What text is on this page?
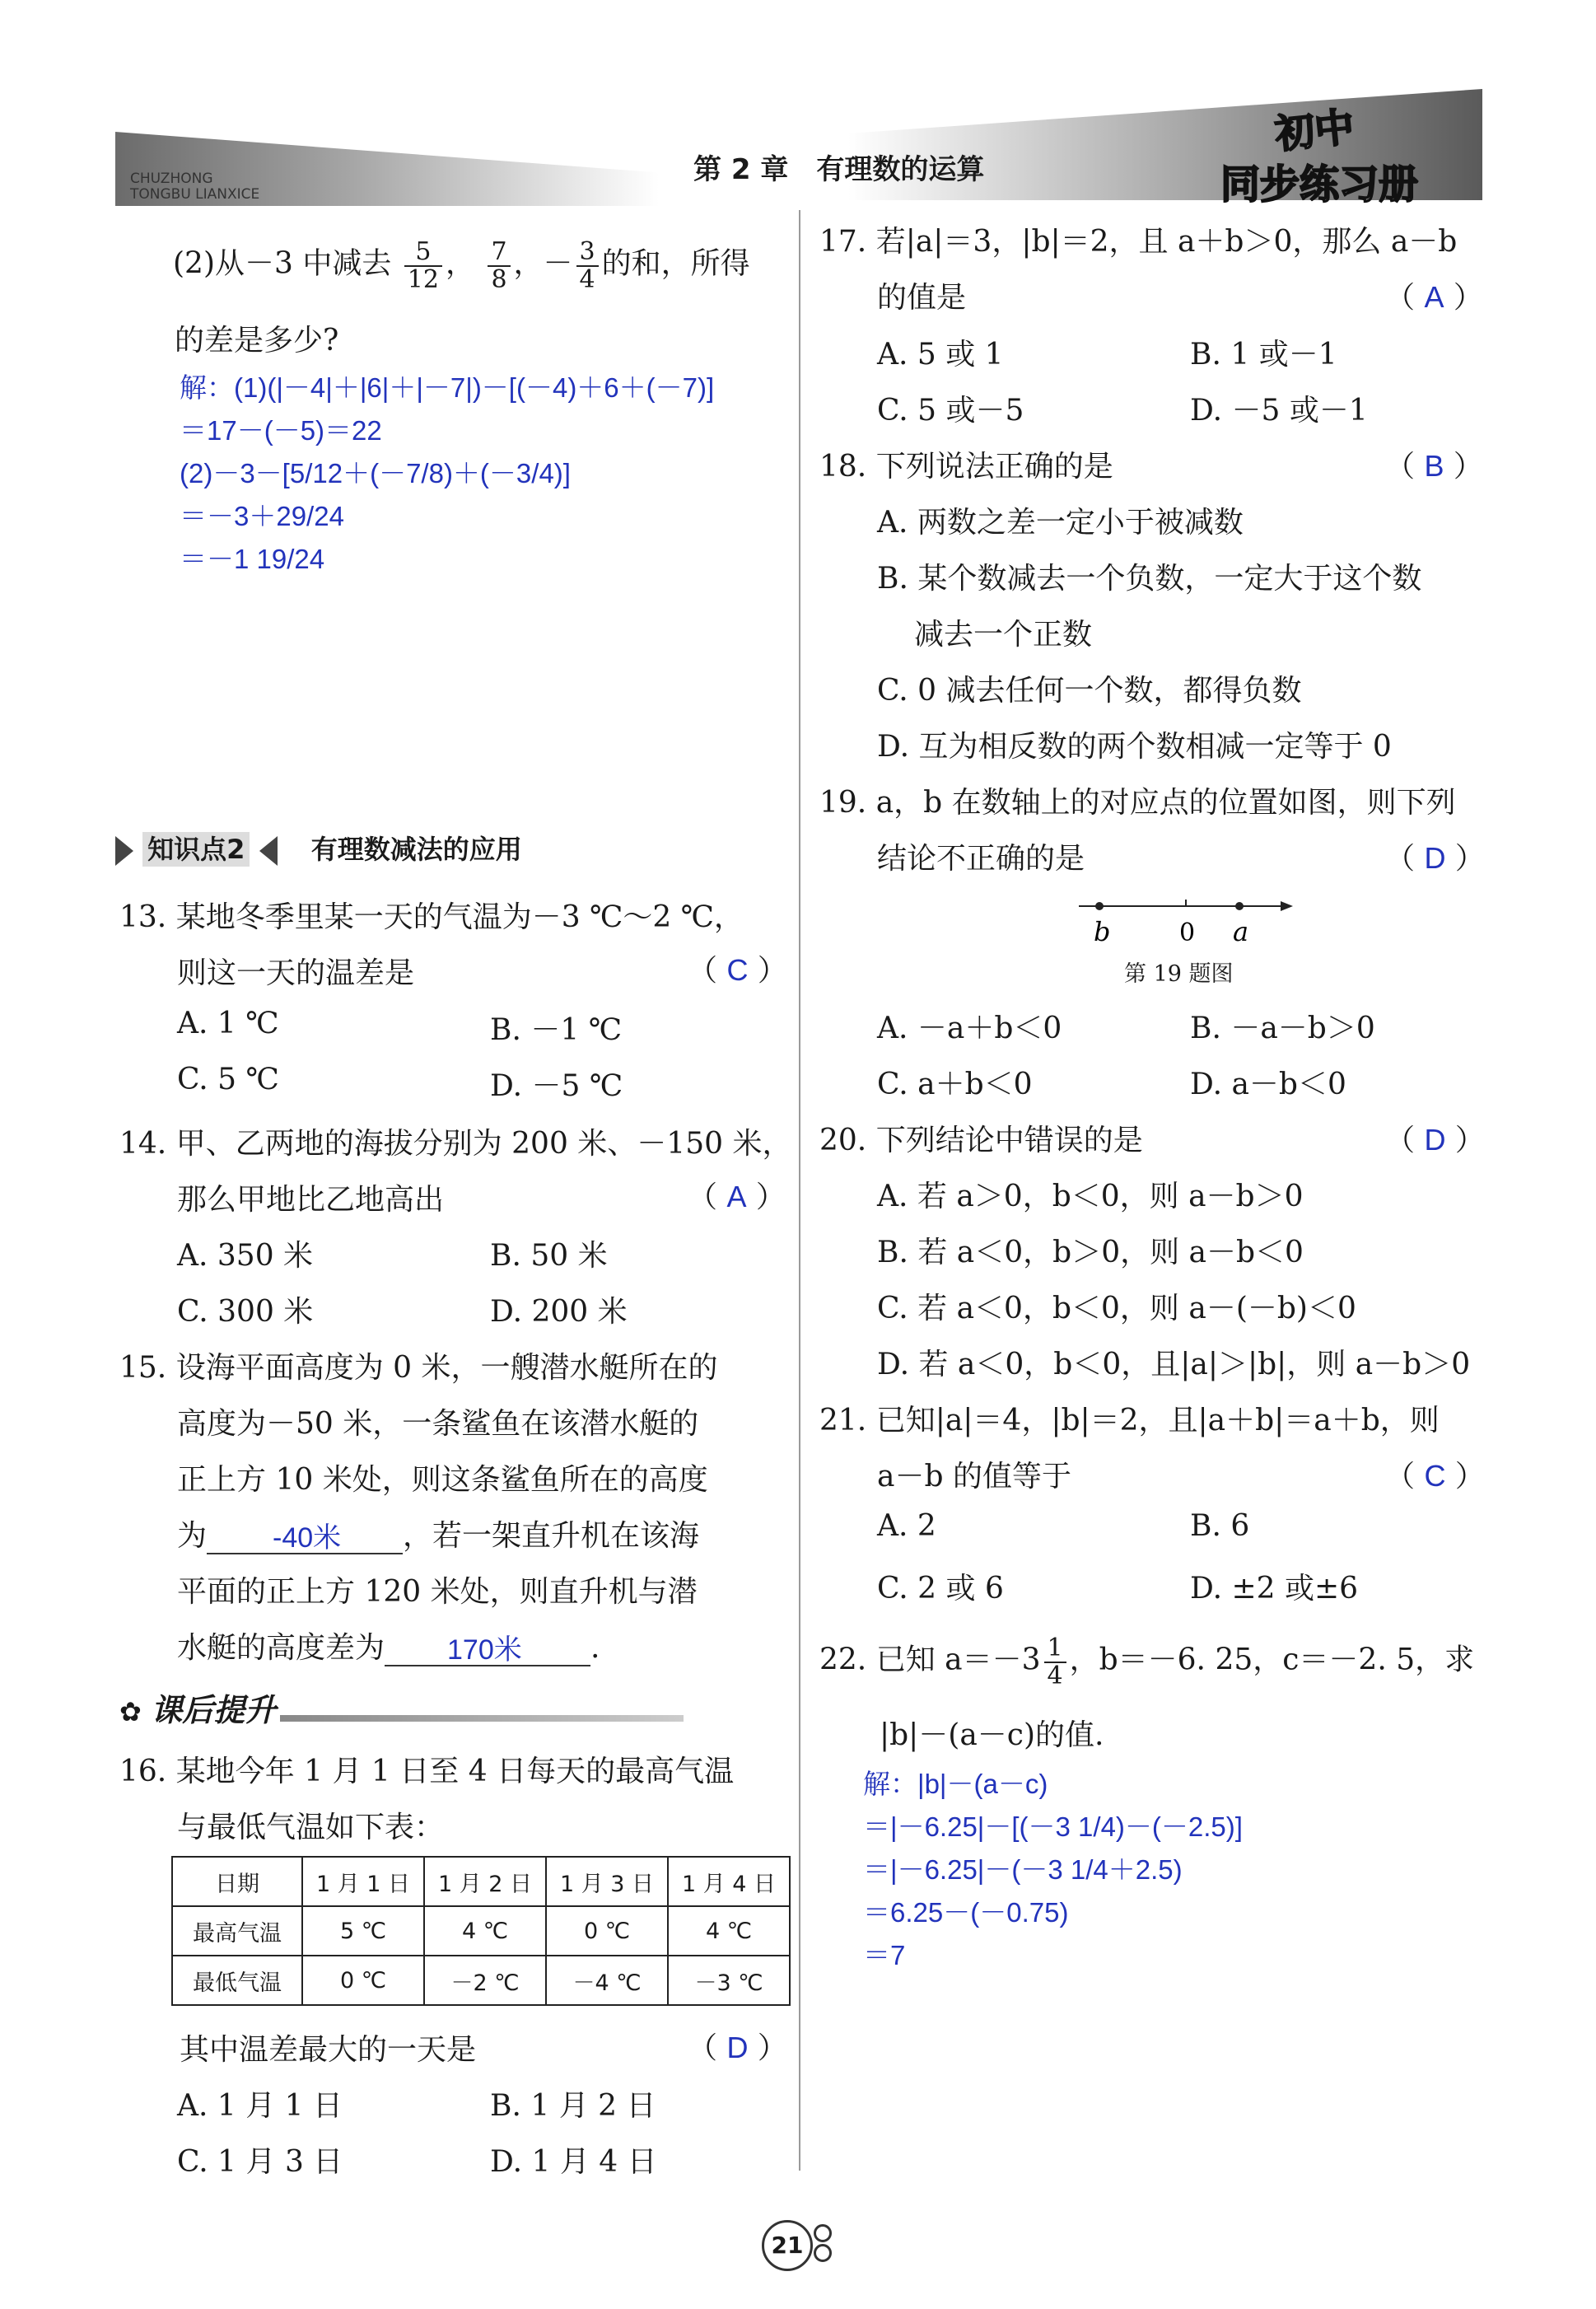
CHUZHONG
TONGBU LIANXICE
第 2 章　有理数的运算
初中
同步练习册
(2)从－3 中减去 $\frac{5}{12}$ ， $\frac{7}{8}$ ，－ $\frac{3}{4}$ 的和，所得
的差是多少?
解：(1)(|－4|＋|6|＋|－7|)－[(－4)＋6＋(－7)]
＝17－(－5)＝22
(2)－3－[5/12＋(－7/8)＋(－3/4)]
＝－3＋29/24
＝－1 19/24
知识点2	有理数减法的应用
13. 某地冬季里某一天的气温为－3 ℃～2 ℃，
则这一天的温差是	（ C ）
A. 1 ℃	B. －1 ℃
C. 5 ℃	D. －5 ℃
14. 甲、乙两地的海拔分别为 200 米、－150 米，
那么甲地比乙地高出	（ A ）
A. 350 米	B. 50 米
C. 300 米	D. 200 米
15. 设海平面高度为 0 米，一艘潜水艇所在的
高度为－50 米，一条鲨鱼在该潜水艇的
正上方 10 米处，则这条鲨鱼所在的高度
为 -40米 ，若一架直升机在该海
平面的正上方 120 米处，则直升机与潜
水艇的高度差为 170米 .
✿ 课后提升
16. 某地今年 1 月 1 日至 4 日每天的最高气温
与最低气温如下表：
日期	1 月 1 日	1 月 2 日	1 月 3 日	1 月 4 日
最高气温	5 ℃	4 ℃	0 ℃	4 ℃
最低气温	0 ℃	－2 ℃	－4 ℃	－3 ℃
其中温差最大的一天是	（ D ）
A. 1 月 1 日	B. 1 月 2 日
C. 1 月 3 日	D. 1 月 4 日
17. 若|a|＝3，|b|＝2，且 a＋b＞0，那么 a－b
的值是	（ A ）
A. 5 或 1	B. 1 或－1
C. 5 或－5	D. －5 或－1
18. 下列说法正确的是	（ B ）
A. 两数之差一定小于被减数
B. 某个数减去一个负数，一定大于这个数
减去一个正数
C. 0 减去任何一个数，都得负数
D. 互为相反数的两个数相减一定等于 0
19. a，b 在数轴上的对应点的位置如图，则下列
结论不正确的是	（ D ）
b	0 a
第 19 题图
A. －a＋b＜0	B. －a－b＞0
C. a＋b＜0	D. a－b＜0
20. 下列结论中错误的是	（ D ）
A. 若 a＞0，b＜0，则 a－b＞0
B. 若 a＜0，b＞0，则 a－b＜0
C. 若 a＜0，b＜0，则 a－(－b)＜0
D. 若 a＜0，b＜0，且|a|＞|b|，则 a－b＞0
21. 已知|a|＝4，|b|＝2，且|a＋b|＝a＋b，则
a－b 的值等于	（ C ）
A. 2	B. 6
C. 2 或 6	D. ±2 或±6
22. 已知 $a=-3 \frac{1}{4}$ ，b＝－6. 25，c＝－2. 5，求
|b|－(a－c)的值.
解：|b|－(a－c)
＝|－6.25|－[(－3 1/4)－(－2.5)]
＝|－6.25|－(－3 1/4＋2.5)
＝6.25－(－0.75)
＝7
21
